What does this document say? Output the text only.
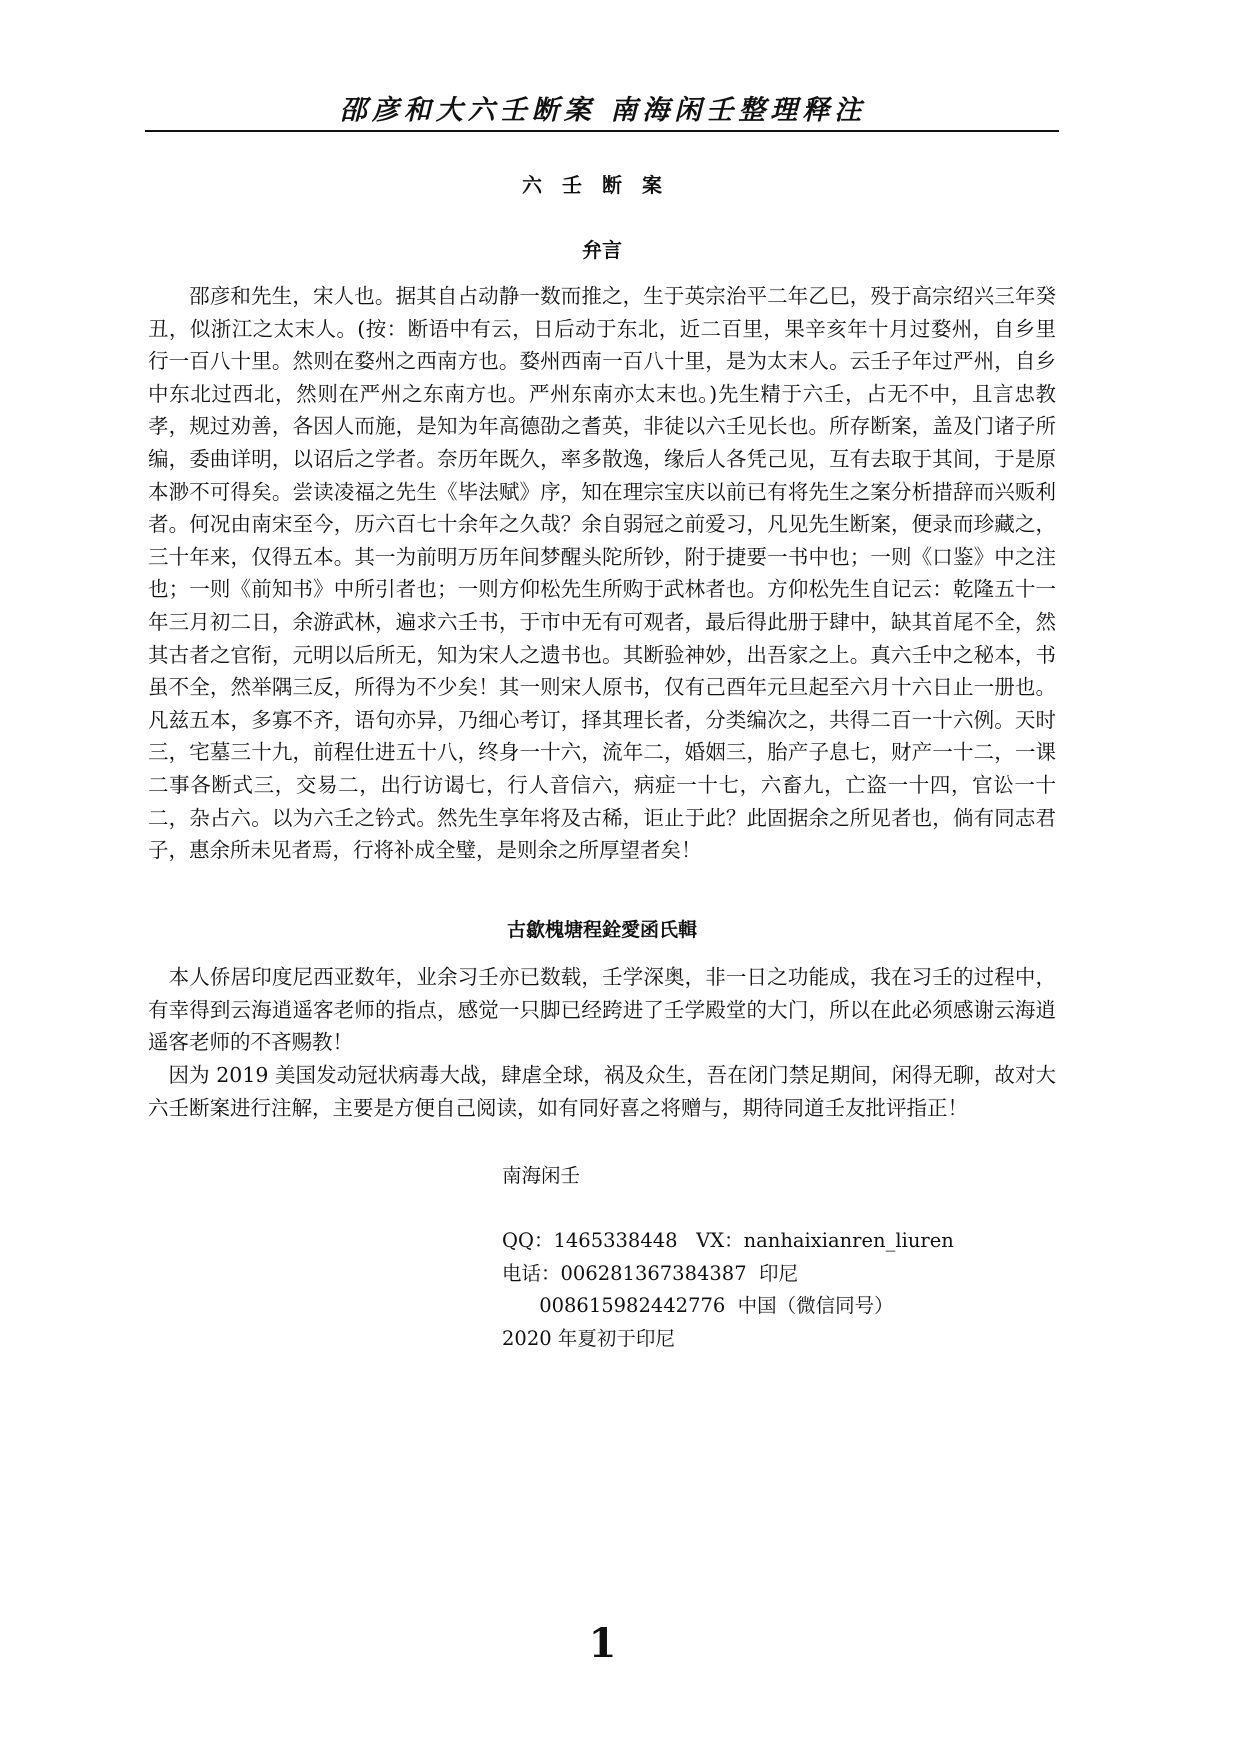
邵彦和大六壬断案 南海闲壬整理释注
六壬断案
弁言

  邵彦和先生，宋人也。据其自占动静一数而推之，生于英宗治平二年乙巳，殁于高宗绍兴三年癸丑，似浙江之太末人。(按：断语中有云，日后动于东北，近二百里，果辛亥年十月过婺州，自乡里行一百八十里。然则在婺州之西南方也。婺州西南一百八十里，是为太末人。云壬子年过严州，自乡中东北过西北，然则在严州之东南方也。严州东南亦太末也。)先生精于六壬，占无不中，且言忠教孝，规过劝善，各因人而施，是知为年高德劭之耆英，非徒以六壬见长也。所存断案，盖及门诸子所编，委曲详明，以诏后之学者。奈历年既久，率多散逸，缘后人各凭己见，互有去取于其间，于是原本渺不可得矣。尝读凌福之先生《毕法赋》序，知在理宗宝庆以前已有将先生之案分析措辞而兴贩利者。何况由南宋至今，历六百七十余年之久哉？余自弱冠之前爱习，凡见先生断案，便录而珍藏之，三十年来，仅得五本。其一为前明万历年间梦醒头陀所钞，附于捷要一书中也；一则《口鉴》中之注也；一则《前知书》中所引者也；一则方仰松先生所购于武林者也。方仰松先生自记云：乾隆五十一年三月初二日，余游武林，遍求六壬书，于市中无有可观者，最后得此册于肆中，缺其首尾不全，然其古者之官衔，元明以后所无，知为宋人之遗书也。其断验神妙，出吾家之上。真六壬中之秘本，书虽不全，然举隅三反，所得为不少矣！其一则宋人原书，仅有己酉年元旦起至六月十六日止一册也。凡兹五本，多寡不齐，语句亦异，乃细心考订，择其理长者，分类编次之，共得二百一十六例。天时三，宅墓三十九，前程仕进五十八，终身一十六，流年二，婚姻三，胎产子息七，财产一十二，一课二事各断式三，交易二，出行访谒七，行人音信六，病症一十七，六畜九，亡盗一十四，官讼一十二，杂占六。以为六壬之钤式。然先生享年将及古稀，讵止于此？此固据余之所见者也，倘有同志君子，惠余所未见者焉，行将补成全璧，是则余之所厚望者矣！

古歙槐塘程銓愛函氏輯

 本人侨居印度尼西亚数年，业余习壬亦已数载，壬学深奥，非一日之功能成，我在习壬的过程中，有幸得到云海逍遥客老师的指点，感觉一只脚已经跨进了壬学殿堂的大门，所以在此必须感谢云海逍遥客老师的不吝赐教！

 因为 2019 美国发动冠状病毒大战，肆虐全球，祸及众生，吾在闭门禁足期间，闲得无聊，故对大六壬断案进行注解，主要是方便自己阅读，如有同好喜之将赠与，期待同道壬友批评指正！

南海闲壬

QQ：1465338448   VX：nanhaixianren_liuren

电话：006281367384387  印尼

008615982442776  中国（微信同号）

2020 年夏初于印尼

1
